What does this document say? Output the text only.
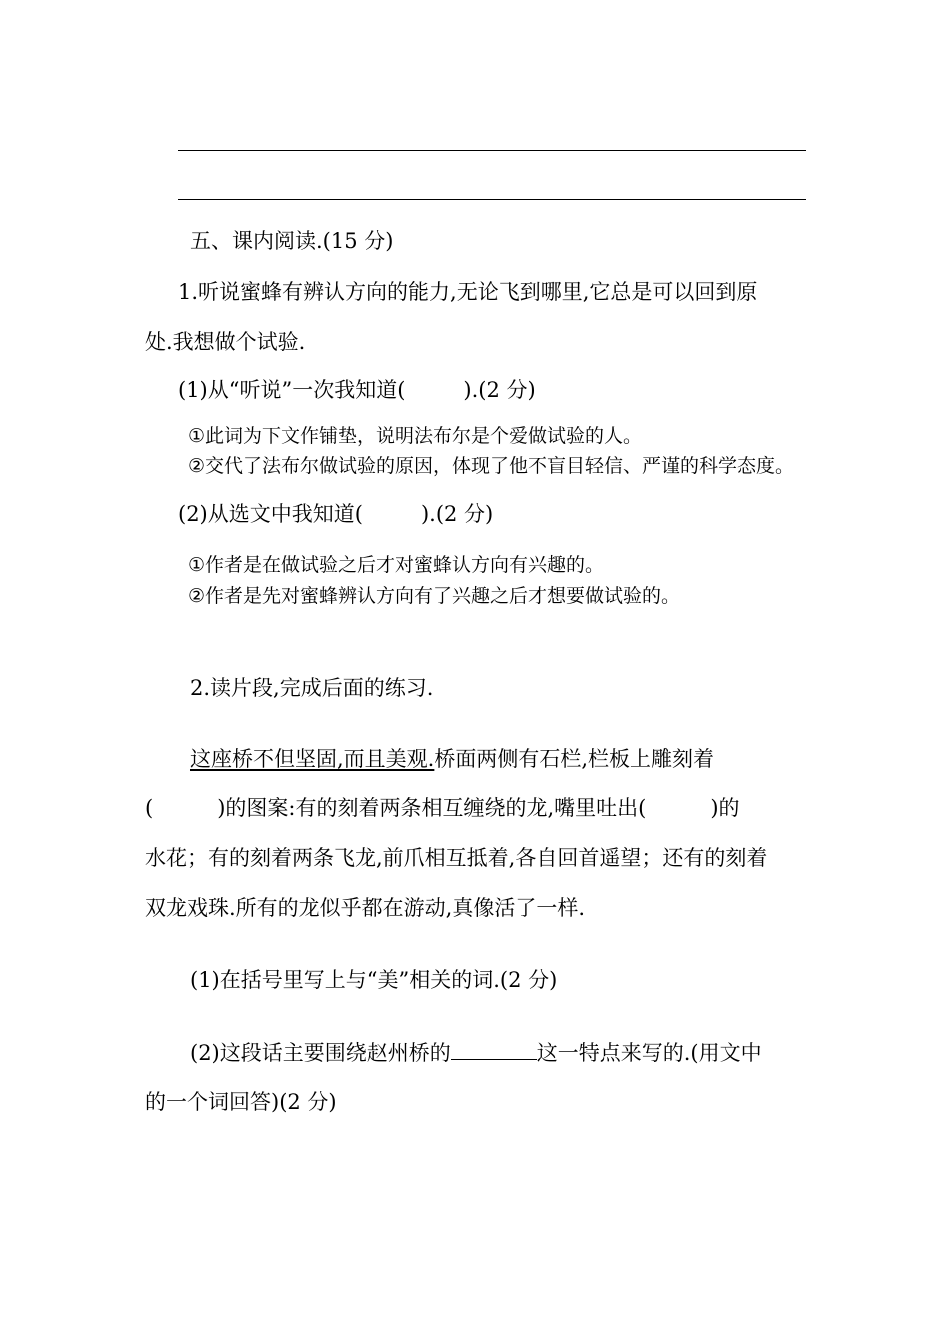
五、课内阅读.(15 分)
1.听说蜜蜂有辨认方向的能力,无论飞到哪里,它总是可以回到原
处.我想做个试验.
(1)从“听说”一次我知道(	).(2 分)
①此词为下文作铺垫，说明法布尔是个爱做试验的人。
②交代了法布尔做试验的原因，体现了他不盲目轻信、严谨的科学态度。
(2)从选文中我知道(	).(2 分)
①作者是在做试验之后才对蜜蜂认方向有兴趣的。
②作者是先对蜜蜂辨认方向有了兴趣之后才想要做试验的。
2.读片段,完成后面的练习.
这座桥不但坚固,而且美观.桥面两侧有石栏,栏板上雕刻着
(	)的图案:有的刻着两条相互缠绕的龙,嘴里吐出(	)的
水花；有的刻着两条飞龙,前爪相互抵着,各自回首遥望；还有的刻着
双龙戏珠.所有的龙似乎都在游动,真像活了一样.
(1)在括号里写上与“美”相关的词.(2 分)
(2)这段话主要围绕赵州桥的	这一特点来写的.(用文中
的一个词回答)(2 分)
